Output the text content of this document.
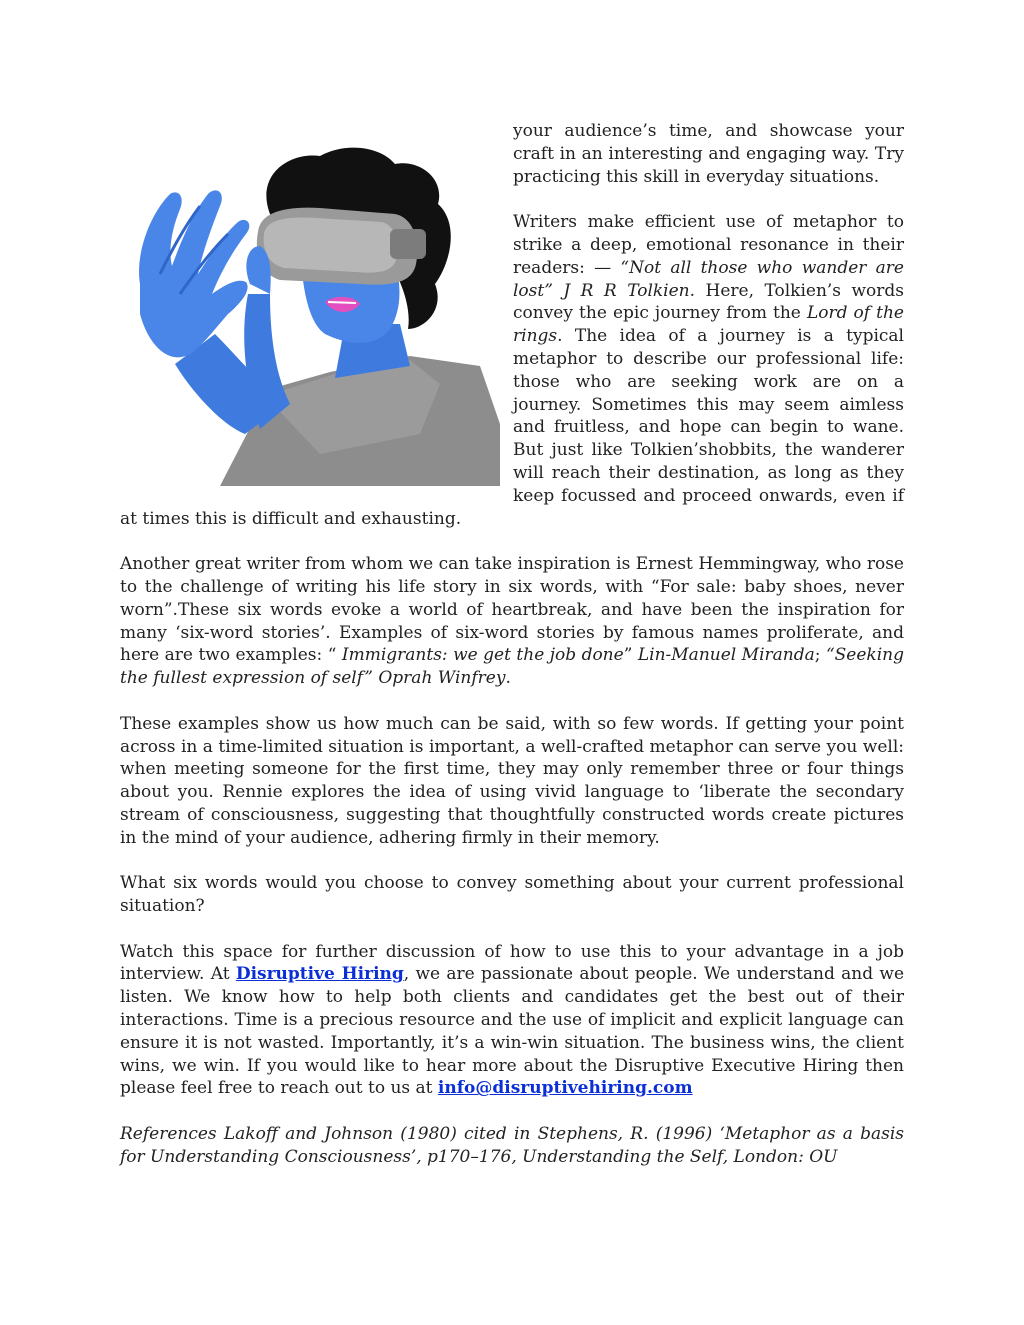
your audience’s time, and showcase your craft in an interesting and engaging way. Try practicing this skill in everyday situations.

Writers make efficient use of metaphor to strike a deep, emotional resonance in their readers: — “Not all those who wander are lost” J R R Tolkien. Here, Tolkien’s words convey the epic journey from the Lord of the rings. The idea of a journey is a typical metaphor to describe our professional life: those who are seeking work are on a journey. Sometimes this may seem aimless and fruitless, and hope can begin to wane. But just like Tolkien’shobbits, the wanderer will reach their destination, as long as they keep focussed and proceed onwards, even if at times this is difficult and exhausting.

Another great writer from whom we can take inspiration is Ernest Hemmingway, who rose to the challenge of writing his life story in six words, with “For sale: baby shoes, never worn”.These six words evoke a world of heartbreak, and have been the inspiration for many ‘six-word stories’. Examples of six-word stories by famous names proliferate, and here are two examples: “ Immigrants: we get the job done” Lin-Manuel Miranda; “Seeking the fullest expression of self” Oprah Winfrey.

These examples show us how much can be said, with so few words. If getting your point across in a time-limited situation is important, a well-crafted metaphor can serve you well: when meeting someone for the first time, they may only remember three or four things about you. Rennie explores the idea of using vivid language to ‘liberate the secondary stream of consciousness, suggesting that thoughtfully constructed words create pictures in the mind of your audience, adhering firmly in their memory.

What six words would you choose to convey something about your current professional situation?

Watch this space for further discussion of how to use this to your advantage in a job interview. At Disruptive Hiring, we are passionate about people. We understand and we listen. We know how to help both clients and candidates get the best out of their interactions. Time is a precious resource and the use of implicit and explicit language can ensure it is not wasted. Importantly, it’s a win-win situation. The business wins, the client wins, we win. If you would like to hear more about the Disruptive Executive Hiring then please feel free to reach out to us at info@disruptivehiring.com

References Lakoff and Johnson (1980) cited in Stephens, R. (1996) ‘Metaphor as a basis for Understanding Consciousness’, p170–176, Understanding the Self, London: OU
